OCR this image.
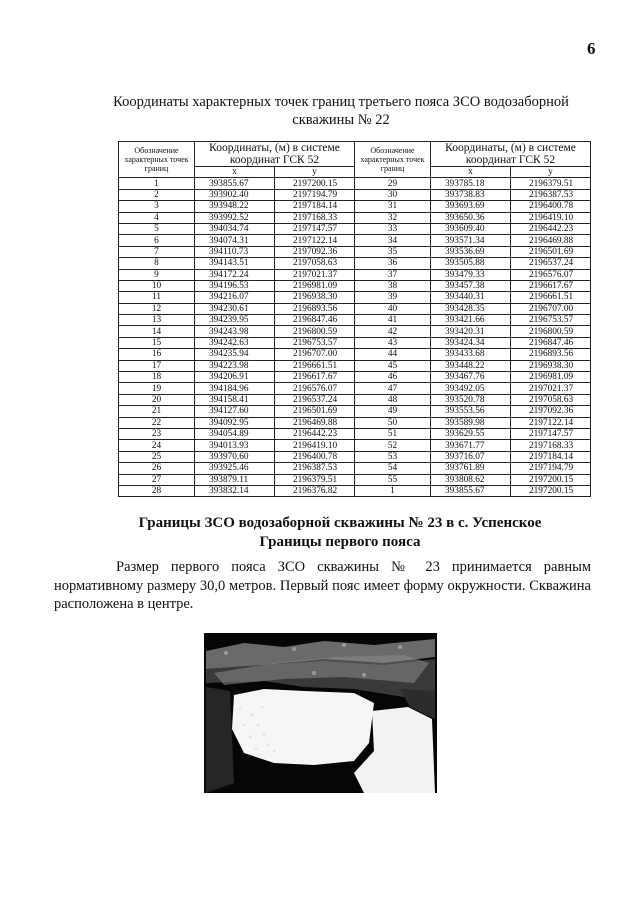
6
Координаты характерных точек границ третьего пояса ЗСО водозаборной скважины № 22
Обозначение характерных точек границ	Координаты, (м) в системе координат ГСК 52		Обозначение характерных точек границ	Координаты, (м) в системе координат ГСК 52	
	х	у		х	у
1	393855.67	2197200.15	29	393785.18	2196379.51
2	393902.40	2197194.79	30	393738.83	2196387.53
3	393948.22	2197184.14	31	393693.69	2196400.78
4	393992.52	2197168.33	32	393650.36	2196419.10
5	394034.74	2197147.57	33	393609.40	2196442.23
6	394074.31	2197122.14	34	393571.34	2196469.88
7	394110.73	2197092.36	35	393536.69	2196501.69
8	394143.51	2197058.63	36	393505.88	2196537.24
9	394172.24	2197021.37	37	393479.33	2196576.07
10	394196.53	2196981.09	38	393457.38	2196617.67
11	394216.07	2196938.30	39	393440.31	2196661.51
12	394230.61	2196893.56	40	393428.35	2196707.00
13	394239.95	2196847.46	41	393421.66	2196753.57
14	394243.98	2196800.59	42	393420.31	2196800.59
15	394242.63	2196753.57	43	393424.34	2196847.46
16	394235.94	2196707.00	44	393433.68	2196893.56
17	394223.98	2196661.51	45	393448.22	2196938.30
18	394206.91	2196617.67	46	393467.76	2196981.09
19	394184.96	2196576.07	47	393492.05	2197021.37
20	394158.41	2196537.24	48	393520.78	2197058.63
21	394127.60	2196501.69	49	393553.56	2197092.36
22	394092.95	2196469.88	50	393589.98	2197122.14
23	394054.89	2196442.23	51	393629.55	2197147.57
24	394013.93	2196419.10	52	393671.77	2197168.33
25	393970.60	2196400.78	53	393716.07	2197184.14
26	393925.46	2196387.53	54	393761.89	2197194.79
27	393879.11	2196379.51	55	393808.62	2197200.15
28	393832.14	2196376.82	1	393855.67	2197200.15
Границы ЗСО водозаборной скважины № 23 в с. Успенское
Границы первого пояса
Размер первого пояса ЗСО скважины № 23 принимается равным нормативному размеру 30,0 метров. Первый пояс имеет форму окружности. Скважина расположена в центре.
